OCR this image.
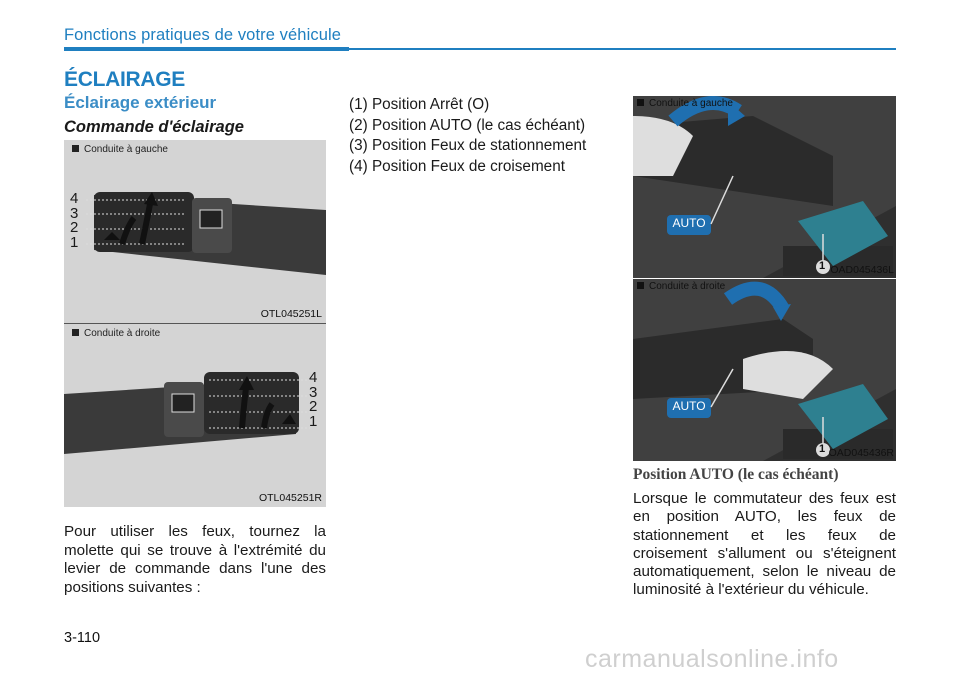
Fonctions pratiques de votre véhicule
ÉCLAIRAGE
Éclairage extérieur
Commande d'éclairage
Conduite à gauche
4
3
2
1
OTL045251L
Conduite à droite
4
3
2
1
OTL045251R
Pour utiliser les feux, tournez la molette qui se trouve à l'extrémité du levier de commande dans l'une des positions suivantes :
(1) Position Arrêt (O)
(2) Position AUTO (le cas échéant)
(3) Position Feux de stationnement
(4) Position Feux de croisement
Conduite à gauche
AUTO
1 OAD045436L
Conduite à droite
AUTO
1 OAD045436R
Position AUTO (le cas échéant)
Lorsque le commutateur des feux est en position AUTO, les feux de stationnement et les feux de croisement s'allument ou s'éteignent automatiquement, selon le niveau de luminosité à l'extérieur du véhicule.
3-110
carmanualsonline.info
